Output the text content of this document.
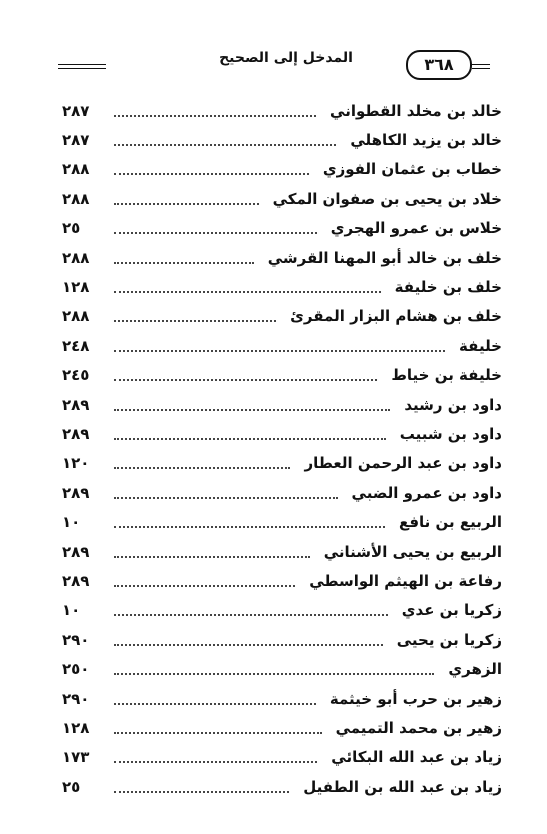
المدخل إلى الصحيح	٣٦٨
خالد بن مخلد القطواني
٢٨٧
خالد بن يزيد الكاهلي
٢٨٧
خطاب بن عثمان الفوزي
٢٨٨
خلاد بن يحيى بن صفوان المكي
٢٨٨
خلاس بن عمرو الهجري
٢٥
خلف بن خالد أبو المهنا القرشي
٢٨٨
خلف بن خليفة
١٢٨
خلف بن هشام البزار المقرئ
٢٨٨
خليفة
٢٤٨
خليفة بن خياط
٢٤٥
داود بن رشيد
٢٨٩
داود بن شبيب
٢٨٩
داود بن عبد الرحمن العطار
١٢٠
داود بن عمرو الضبي
٢٨٩
الربيع بن نافع
١٠
الربيع بن يحيى الأشناني
٢٨٩
رفاعة بن الهيثم الواسطي
٢٨٩
زكريا بن عدي
١٠
زكريا بن يحيى
٢٩٠
الزهري
٢٥٠
زهير بن حرب أبو خيثمة
٢٩٠
زهير بن محمد التميمي
١٢٨
زياد بن عبد الله البكائي
١٧٣
زياد بن عبد الله بن الطفيل
٢٥
